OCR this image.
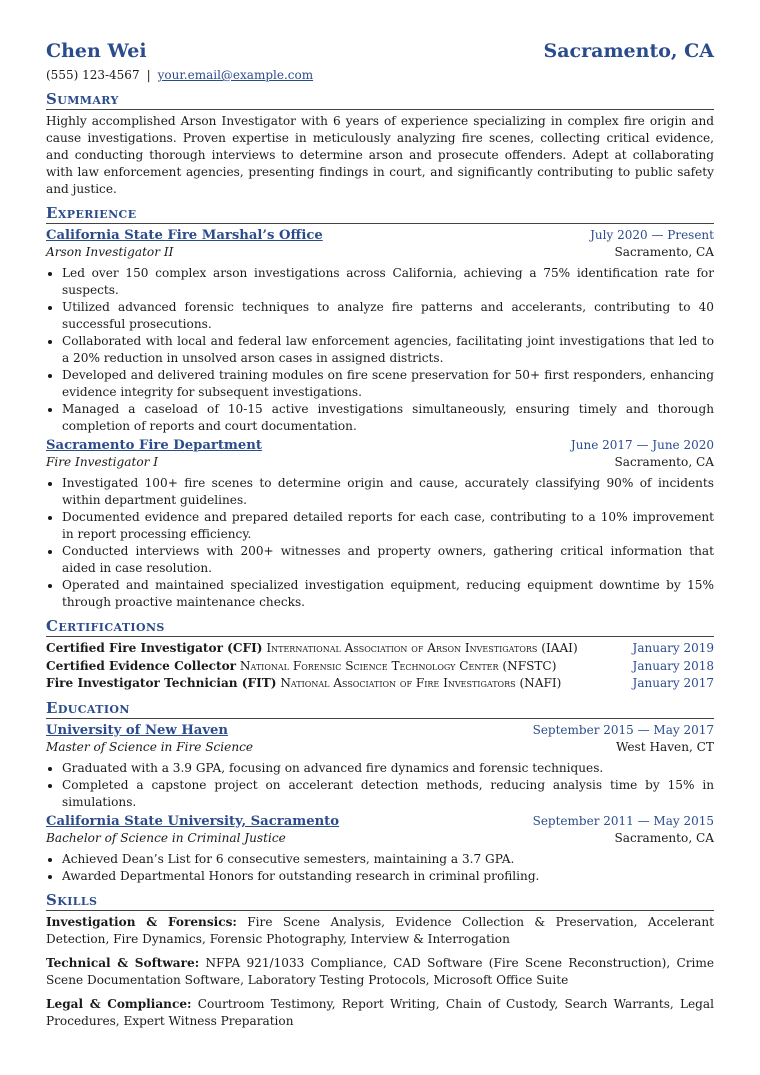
Chen Wei	Sacramento, CA
(555) 123-4567 | your.email@example.com
Summary

Highly accomplished Arson Investigator with 6 years of experience specializing in complex fire origin and cause investigations. Proven expertise in meticulously analyzing fire scenes, collecting critical evidence, and conducting thorough interviews to determine arson and prosecute offenders. Adept at collaborating with law enforcement agencies, presenting findings in court, and significantly contributing to public safety and justice.

Experience
California State Fire Marshal’s Office	July 2020 — Present
Arson Investigator II	Sacramento, CA
• Led over 150 complex arson investigations across California, achieving a 75% identification rate for suspects.
• Utilized advanced forensic techniques to analyze fire patterns and accelerants, contributing to 40 successful prosecutions.
• Collaborated with local and federal law enforcement agencies, facilitating joint investigations that led to a 20% reduction in unsolved arson cases in assigned districts.
• Developed and delivered training modules on fire scene preservation for 50+ first responders, enhancing evidence integrity for subsequent investigations.
• Managed a caseload of 10-15 active investigations simultaneously, ensuring timely and thorough completion of reports and court documentation.
Sacramento Fire Department	June 2017 — June 2020
Fire Investigator I	Sacramento, CA
• Investigated 100+ fire scenes to determine origin and cause, accurately classifying 90% of incidents within department guidelines.
• Documented evidence and prepared detailed reports for each case, contributing to a 10% improvement in report processing efficiency.
• Conducted interviews with 200+ witnesses and property owners, gathering critical information that aided in case resolution.
• Operated and maintained specialized investigation equipment, reducing equipment downtime by 15% through proactive maintenance checks.
Certifications
Certified Fire Investigator (CFI) International Association of Arson Investigators (IAAI)	January 2019
Certified Evidence Collector National Forensic Science Technology Center (NFSTC)	January 2018
Fire Investigator Technician (FIT) National Association of Fire Investigators (NAFI)	January 2017
Education
University of New Haven	September 2015 — May 2017
Master of Science in Fire Science	West Haven, CT
• Graduated with a 3.9 GPA, focusing on advanced fire dynamics and forensic techniques.
• Completed a capstone project on accelerant detection methods, reducing analysis time by 15% in simulations.
California State University, Sacramento	September 2011 — May 2015
Bachelor of Science in Criminal Justice	Sacramento, CA
• Achieved Dean’s List for 6 consecutive semesters, maintaining a 3.7 GPA.
• Awarded Departmental Honors for outstanding research in criminal profiling.
Skills
Investigation & Forensics: Fire Scene Analysis, Evidence Collection & Preservation, Accelerant Detection, Fire Dynamics, Forensic Photography, Interview & Interrogation
Technical & Software: NFPA 921/1033 Compliance, CAD Software (Fire Scene Reconstruction), Crime Scene Documentation Software, Laboratory Testing Protocols, Microsoft Office Suite
Legal & Compliance: Courtroom Testimony, Report Writing, Chain of Custody, Search Warrants, Legal Procedures, Expert Witness Preparation
